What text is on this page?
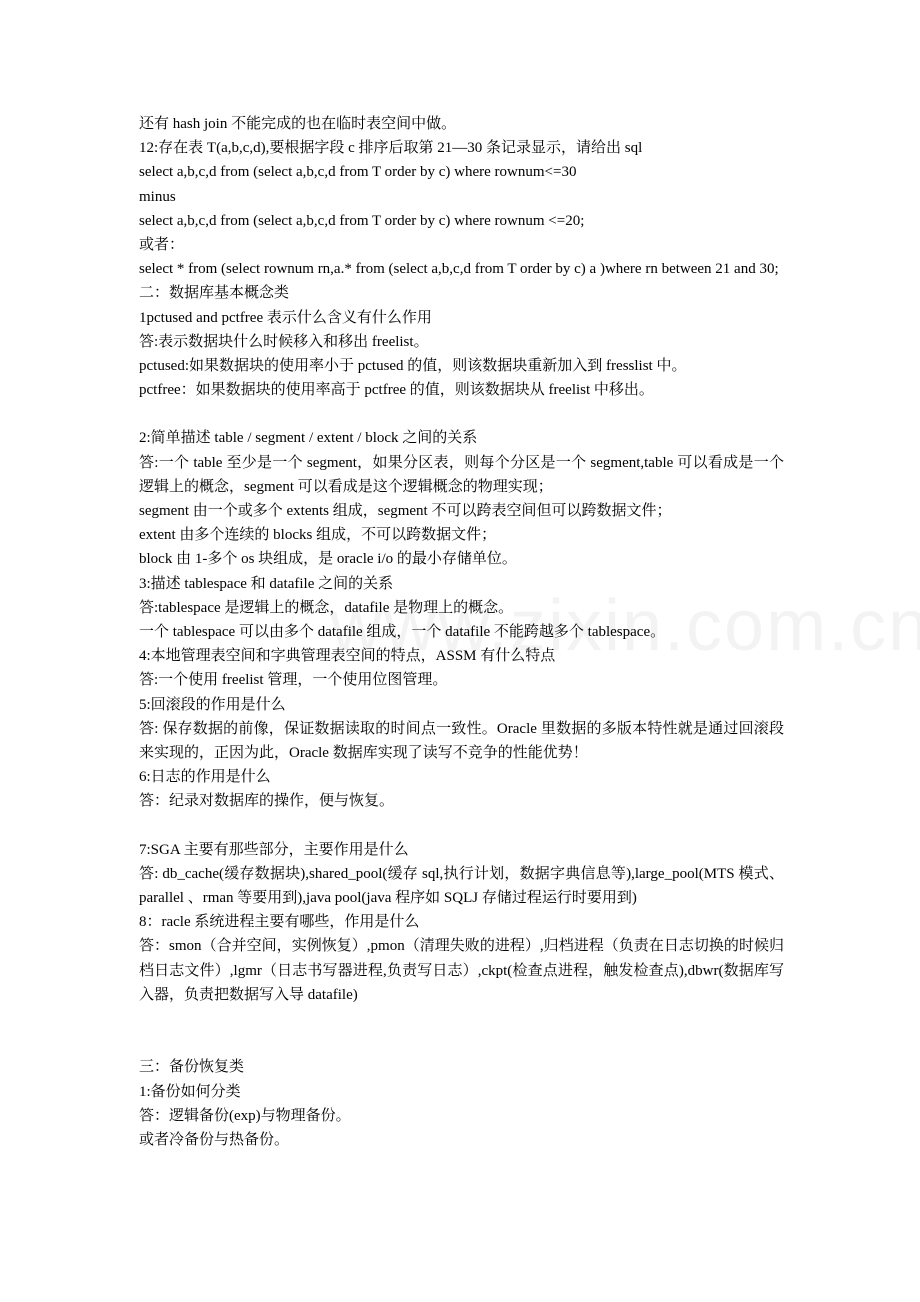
还有 hash join 不能完成的也在临时表空间中做。
12:存在表 T(a,b,c,d),要根据字段 c 排序后取第 21—30 条记录显示，请给出 sql
select a,b,c,d from (select a,b,c,d from T order by c) where rownum<=30
minus
select a,b,c,d from (select a,b,c,d from T order by c) where rownum <=20;
或者：
select * from (select rownum rn,a.* from (select a,b,c,d from T order by c) a )where rn between 21 and 30;
二：数据库基本概念类
1pctused and pctfree 表示什么含义有什么作用
答:表示数据块什么时候移入和移出 freelist。
pctused:如果数据块的使用率小于 pctused 的值，则该数据块重新加入到 fresslist 中。
pctfree：如果数据块的使用率高于 pctfree 的值，则该数据块从 freelist 中移出。
2:简单描述 table / segment / extent / block 之间的关系
答:一个 table 至少是一个 segment，如果分区表，则每个分区是一个 segment,table 可以看成是一个逻辑上的概念，segment 可以看成是这个逻辑概念的物理实现；
segment 由一个或多个 extents 组成，segment 不可以跨表空间但可以跨数据文件；
extent 由多个连续的 blocks 组成，不可以跨数据文件；
block 由 1-多个 os 块组成，是 oracle i/o 的最小存储单位。
3:描述 tablespace 和 datafile 之间的关系
答:tablespace 是逻辑上的概念，datafile 是物理上的概念。
一个 tablespace 可以由多个 datafile 组成，一个 datafile 不能跨越多个 tablespace。
4:本地管理表空间和字典管理表空间的特点，ASSM 有什么特点
答:一个使用 freelist 管理，一个使用位图管理。
5:回滚段的作用是什么
答: 保存数据的前像，保证数据读取的时间点一致性。Oracle 里数据的多版本特性就是通过回滚段来实现的，正因为此，Oracle 数据库实现了读写不竞争的性能优势！
6:日志的作用是什么
答：纪录对数据库的操作，便与恢复。
7:SGA 主要有那些部分，主要作用是什么
答: db_cache(缓存数据块),shared_pool(缓存 sql,执行计划，数据字典信息等),large_pool(MTS 模式、parallel 、rman 等要用到),java pool(java 程序如 SQLJ 存储过程运行时要用到)
8：racle 系统进程主要有哪些，作用是什么
答：smon（合并空间，实例恢复）,pmon（清理失败的进程）,归档进程（负责在日志切换的时候归档日志文件）,lgmr（日志书写器进程,负责写日志）,ckpt(检查点进程，触发检查点),dbwr(数据库写入器，负责把数据写入导 datafile)
三：备份恢复类
1:备份如何分类
答：逻辑备份(exp)与物理备份。
或者冷备份与热备份。
